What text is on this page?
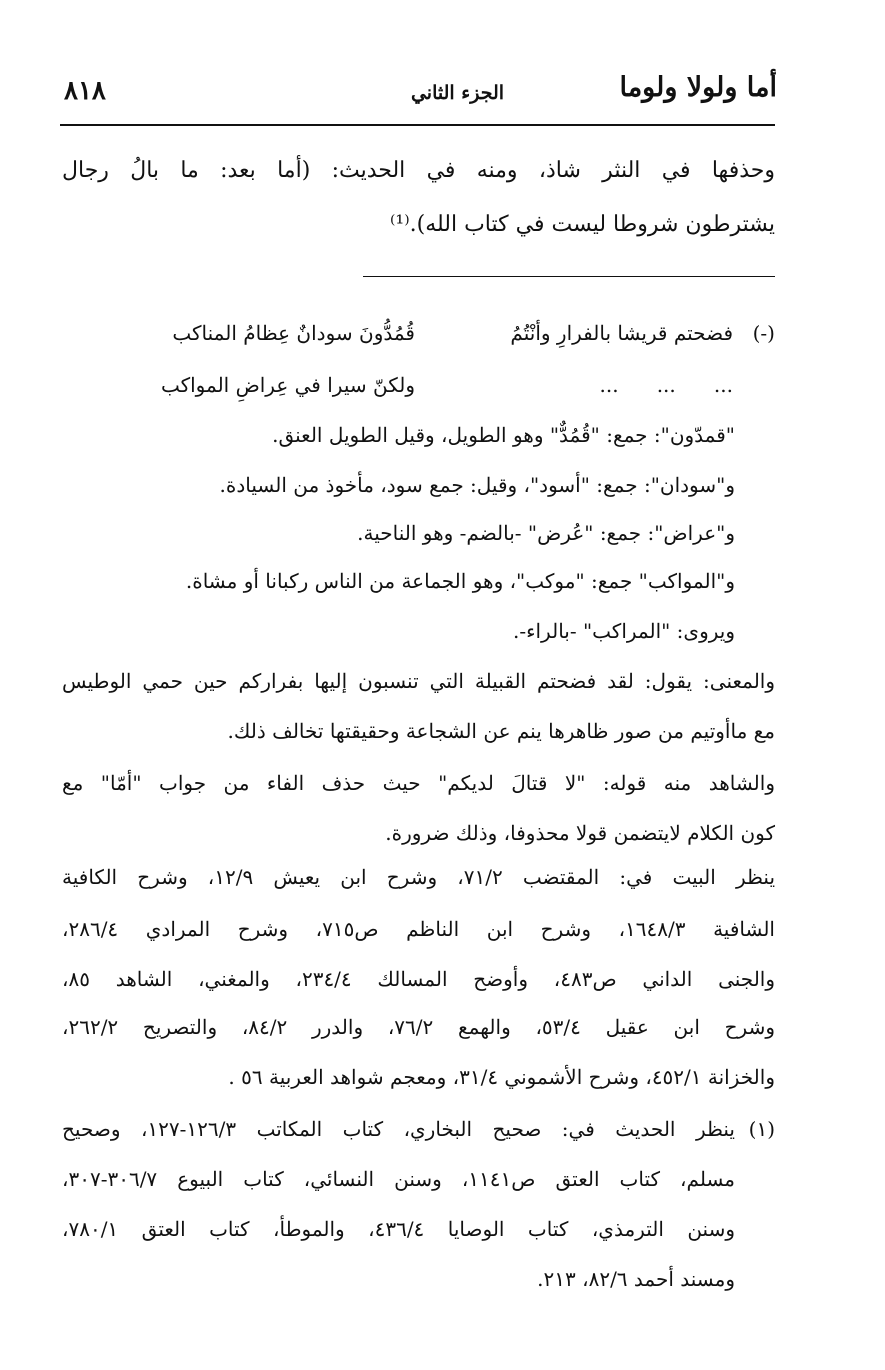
أما ولولا ولوما
الجزء الثاني
٨١٨
وحذفها في النثر شاذ، ومنه في الحديث: (أما بعد: ما بالُ رجال
يشترطون شروطا ليست في كتاب الله).⁽¹⁾
(-)
فضحتم قريشا بالفرارِ وأنْتُمُ
قُمُدُّونَ سودانٌ عِظامُ المناكب
...      ...      ...
ولكنّ سيرا في عِراضِ المواكب
"قمدّون": جمع: "قُمُدٌّ" وهو الطويل، وقيل الطويل العنق.
و"سودان": جمع: "أسود"، وقيل: جمع سود، مأخوذ من السيادة.
و"عراض": جمع: "عُرض" -بالضم- وهو الناحية.
و"المواكب" جمع: "موكب"، وهو الجماعة من الناس ركبانا أو مشاة.
ويروى: "المراكب" -بالراء-.
والمعنى: يقول: لقد فضحتم القبيلة التي تنسبون إليها بفراركم حين حمي الوطيس
مع ماأوتيم من صور ظاهرها ينم عن الشجاعة وحقيقتها تخالف ذلك.
والشاهد منه قوله: "لا قتالَ لديكم" حيث حذف الفاء من جواب "أمّا" مع
كون الكلام لايتضمن قولا محذوفا، وذلك ضرورة.
ينظر البيت في: المقتضب ٧١/٢، وشرح ابن يعيش ١٢/٩، وشرح الكافية
الشافية ١٦٤٨/٣، وشرح ابن الناظم ص٧١٥، وشرح المرادي ٢٨٦/٤،
والجنى الداني ص٤٨٣، وأوضح المسالك ٢٣٤/٤، والمغني، الشاهد ٨٥،
وشرح ابن عقيل ٥٣/٤، والهمع ٧٦/٢، والدرر ٨٤/٢، والتصريح ٢٦٢/٢،
والخزانة ٤٥٢/١، وشرح الأشموني ٣١/٤، ومعجم شواهد العربية ٥٦ .
(١)
ينظر الحديث في: صحيح البخاري، كتاب المكاتب ١٢٦/٣-١٢٧، وصحيح
مسلم، كتاب العتق ص١١٤١، وسنن النسائي، كتاب البيوع ٣٠٦/٧-٣٠٧،
وسنن الترمذي، كتاب الوصايا ٤٣٦/٤، والموطأ، كتاب العتق ٧٨٠/١،
ومسند أحمد ٨٢/٦، ٢١٣.
